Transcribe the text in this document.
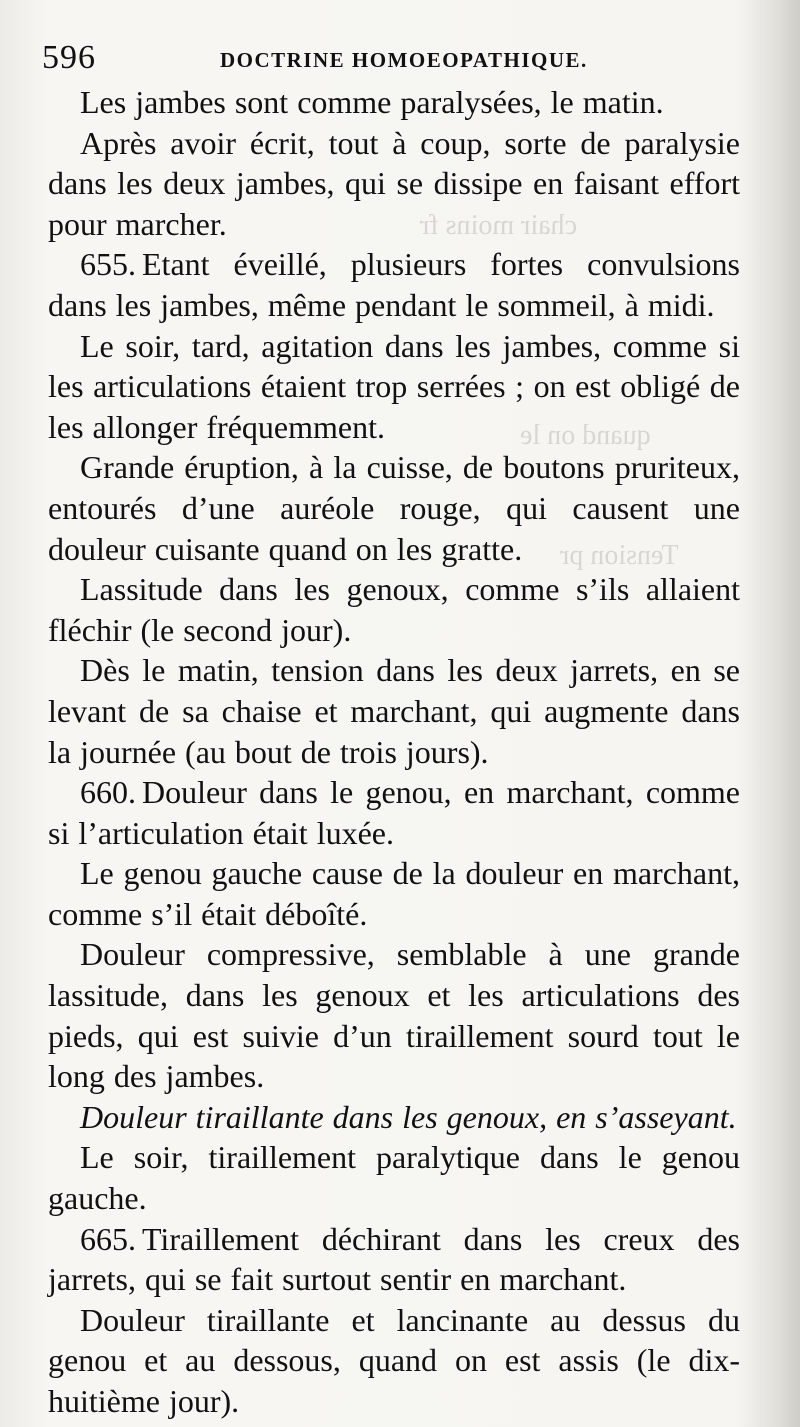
chair moins fr
quand on le
Tension pr
596	DOCTRINE HOMOEOPATHIQUE.

Les jambes sont comme paralysées, le matin.

Après avoir écrit, tout à coup, sorte de paralysie dans les deux jambes, qui se dissipe en faisant effort pour marcher.

655. Etant éveillé, plusieurs fortes convulsions dans les jambes, même pendant le sommeil, à midi.

Le soir, tard, agitation dans les jambes, comme si les articulations étaient trop serrées ; on est obligé de les allonger fréquemment.

Grande éruption, à la cuisse, de boutons pruriteux, entourés d’une auréole rouge, qui causent une douleur cuisante quand on les gratte.

Lassitude dans les genoux, comme s’ils allaient fléchir (le second jour).

Dès le matin, tension dans les deux jarrets, en se levant de sa chaise et marchant, qui augmente dans la journée (au bout de trois jours).

660. Douleur dans le genou, en marchant, comme si l’articulation était luxée.

Le genou gauche cause de la douleur en marchant, comme s’il était déboîté.

Douleur compressive, semblable à une grande lassitude, dans les genoux et les articulations des pieds, qui est suivie d’un tiraillement sourd tout le long des jambes.

Douleur tiraillante dans les genoux, en s’asseyant.

Le soir, tiraillement paralytique dans le genou gauche.

665. Tiraillement déchirant dans les creux des jarrets, qui se fait surtout sentir en marchant.

Douleur tiraillante et lancinante au dessus du genou et au dessous, quand on est assis (le dix-huitième jour).
